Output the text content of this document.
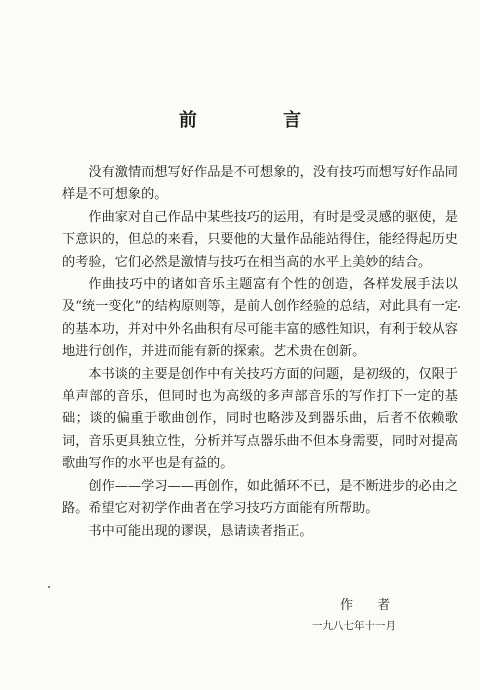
前 言

没有激情而想写好作品是不可想象的，没有技巧而想写好作品同样是不可想象的。

作曲家对自己作品中某些技巧的运用，有时是受灵感的驱使，是下意识的，但总的来看，只要他的大量作品能站得住，能经得起历史的考验，它们必然是激情与技巧在相当高的水平上美妙的结合。

作曲技巧中的诸如音乐主题富有个性的创造，各样发展手法以及“统一变化”的结构原则等，是前人创作经验的总结，对此具有一定的基本功，并对中外名曲积有尽可能丰富的感性知识，有利于较从容地进行创作，并进而能有新的探索。艺术贵在创新。

本书谈的主要是创作中有关技巧方面的问题，是初级的，仅限于单声部的音乐，但同时也为高级的多声部音乐的写作打下一定的基础；谈的偏重于歌曲创作，同时也略涉及到器乐曲，后者不依赖歌词，音乐更具独立性，分析并写点器乐曲不但本身需要，同时对提高歌曲写作的水平也是有益的。

创作——学习——再创作，如此循环不已，是不断进步的必由之路。希望它对初学作曲者在学习技巧方面能有所帮助。

书中可能出现的谬误，恳请读者指正。

作 者
一九八七年十一月
